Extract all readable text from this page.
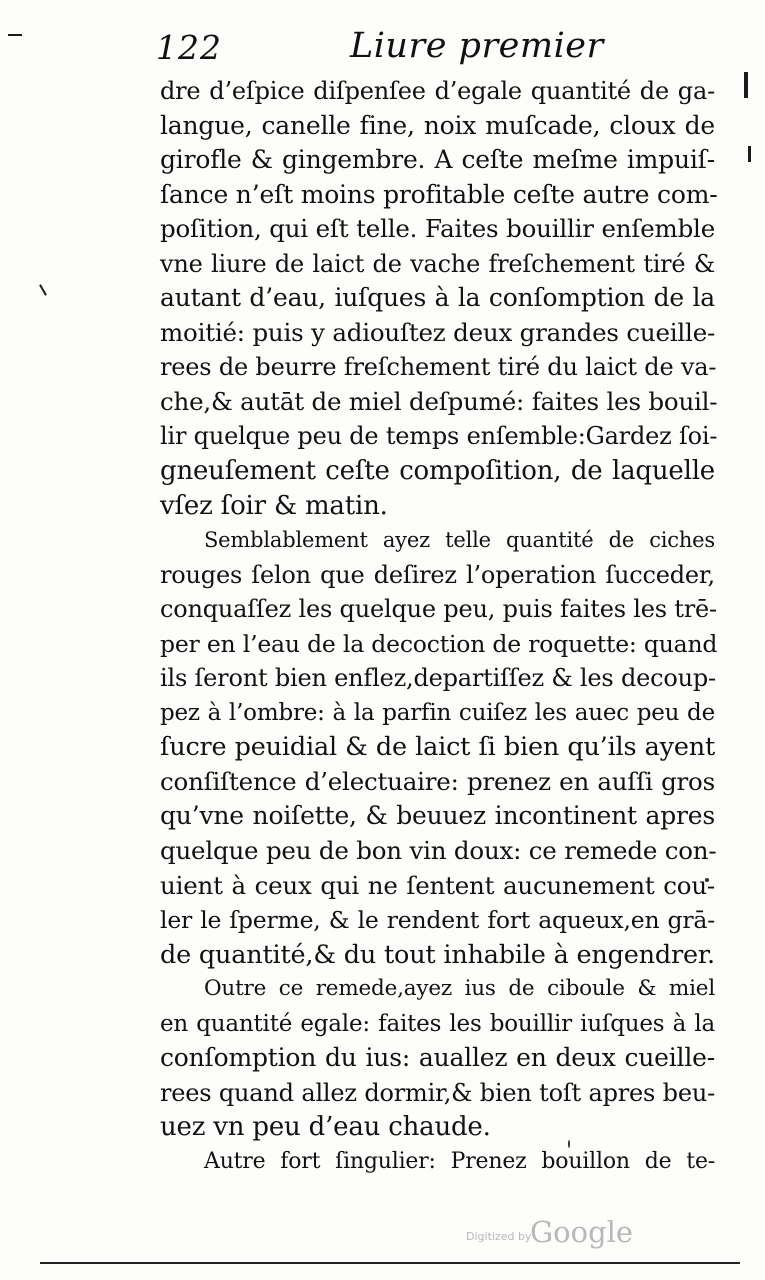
122	Liure premier
dre d’eſpice diſpenſee d’egale quantité de ga-
langue, canelle fine, noix muſcade, cloux de
girofle & gingembre. A ceſte meſme impuiſ-
ſance n’eſt moins profitable ceſte autre com-
poſition, qui eſt telle. Faites bouillir enſemble
vne liure de laict de vache freſchement tiré &
autant d’eau, iuſques à la conſomption de la
moitié: puis y adiouſtez deux grandes cueille-
rees de beurre freſchement tiré du laict de va-
che,& autāt de miel deſpumé: faites les bouil-
lir quelque peu de temps enſemble:Gardez ſoi-
gneuſement ceſte compoſition, de laquelle
vſez ſoir & matin.
Semblablement ayez telle quantité de ciches
rouges ſelon que deſirez l’operation ſucceder,
conquaſſez les quelque peu, puis faites les trē-
per en l’eau de la decoction de roquette: quand
ils ſeront bien enflez,departiſſez & les decoup-
pez à l’ombre: à la parfin cuiſez les auec peu de
ſucre peuidial & de laict ſi bien qu’ils ayent
conſiſtence d’electuaire: prenez en auſſi gros
qu’vne noiſette, & beuuez incontinent apres
quelque peu de bon vin doux: ce remede con-
uient à ceux qui ne ſentent aucunement cou-
ler le ſperme, & le rendent fort aqueux,en grā-
de quantité,& du tout inhabile à engendrer.
Outre ce remede,ayez ius de ciboule & miel
en quantité egale: faites les bouillir iuſques à la
conſomption du ius: auallez en deux cueille-
rees quand allez dormir,& bien toſt apres beu-
uez vn peu d’eau chaude.
Autre fort ſingulier: Prenez bouillon de te-
Digitized by
Google
